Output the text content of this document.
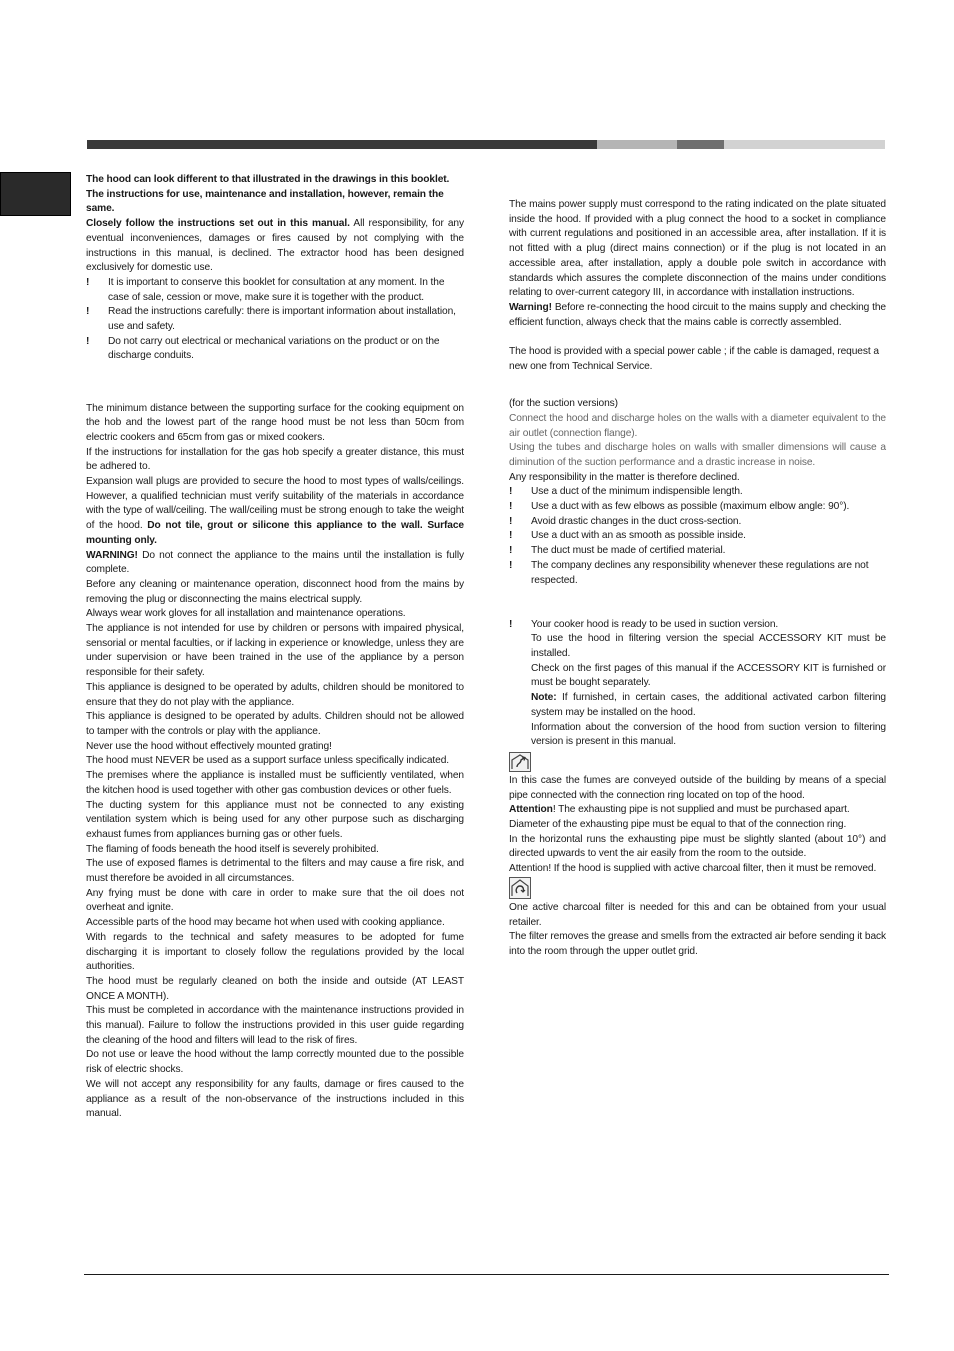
The hood can look different to that illustrated in the drawings in this booklet. The instructions for use, maintenance and installation, however, remain the same.

Closely follow the instructions set out in this manual. All responsibility, for any eventual inconveniences, damages or fires caused by not complying with the instructions in this manual, is declined. The extractor hood has been designed exclusively for domestic use.

!	It is important to conserve this booklet for consultation at any moment. In the case of sale, cession or move, make sure it is together with the product.
!	Read the instructions carefully: there is important information about installation, use and safety.
!	Do not carry out electrical or mechanical variations on the product or on the discharge conduits.

The minimum distance between the supporting surface for the cooking equipment on the hob and the lowest part of the range hood must be not less than 50cm from electric cookers and 65cm from gas or mixed cookers.

If the instructions for installation for the gas hob specify a greater distance, this must be adhered to.

Expansion wall plugs are provided to secure the hood to most types of walls/ceilings. However, a qualified technician must verify suitability of the materials in accordance with the type of wall/ceiling. The wall/ceiling must be strong enough to take the weight of the hood. Do not tile, grout or silicone this appliance to the wall. Surface mounting only.

WARNING! Do not connect the appliance to the mains until the installation is fully complete.

Before any cleaning or maintenance operation, disconnect hood from the mains by removing the plug or disconnecting the mains electrical supply.

Always wear work gloves for all installation and maintenance operations.

The appliance is not intended for use by children or persons with impaired physical, sensorial or mental faculties, or if lacking in experience or knowledge, unless they are under supervision or have been trained in the use of the appliance by a person responsible for their safety.

This appliance is designed to be operated by adults, children should be monitored to ensure that they do not play with the appliance.

This appliance is designed to be operated by adults. Children should not be allowed to tamper with the controls or play with the appliance.

Never use the hood without effectively mounted grating!

The hood must NEVER be used as a support surface unless specifically indicated.

The premises where the appliance is installed must be sufficiently ventilated, when the kitchen hood is used together with other gas combustion devices or other fuels.

The ducting system for this appliance must not be connected to any existing ventilation system which is being used for any other purpose such as discharging exhaust fumes from appliances burning gas or other fuels.

The flaming of foods beneath the hood itself is severely prohibited.

The use of exposed flames is detrimental to the filters and may cause a fire risk, and must therefore be avoided in all circumstances.

Any frying must be done with care in order to make sure that the oil does not overheat and ignite.

Accessible parts of the hood may became hot when used with cooking appliance.

With regards to the technical and safety measures to be adopted for fume discharging it is important to closely follow the regulations provided by the local authorities.

The hood must be regularly cleaned on both the inside and outside (AT LEAST ONCE A MONTH).

This must be completed in accordance with the maintenance instructions provided in this manual). Failure to follow the instructions provided in this user guide regarding the cleaning of the hood and filters will lead to the risk of fires.

Do not use or leave the hood without the lamp correctly mounted due to the possible risk of electric shocks.

We will not accept any responsibility for any faults, damage or fires caused to the appliance as a result of the non-observance of the instructions included in this manual.

The mains power supply must correspond to the rating indicated on the plate situated inside the hood. If provided with a plug connect the hood to a socket in compliance with current regulations and positioned in an accessible area, after installation. If it is not fitted with a plug (direct mains connection) or if the plug is not located in an accessible area, after installation, apply a double pole switch in accordance with standards which assures the complete disconnection of the mains under conditions relating to over-current category III, in accordance with installation instructions.

Warning! Before re-connecting the hood circuit to the mains supply and checking the efficient function, always check that the mains cable is correctly assembled.

The hood is provided with a special power cable ; if the cable is damaged, request a new one from Technical Service.

(for the suction versions)

Connect the hood and discharge holes on the walls with a diameter equivalent to the air outlet (connection flange).

Using the tubes and discharge holes on walls with smaller dimensions will cause a diminution of the suction performance and a drastic increase in noise.

Any responsibility in the matter is therefore declined.

!	Use a duct of the minimum indispensible length.
!	Use a duct with as few elbows as possible (maximum elbow angle: 90°).
!	Avoid drastic changes in the duct cross-section.
!	Use a duct with an as smooth as possible inside.
!	The duct must be made of certified material.
!	The company declines any responsibility whenever these regulations are not respected.
!	Your cooker hood is ready to be used in suction version.

To use the hood in filtering version the special ACCESSORY KIT must be installed.

Check on the first pages of this manual if the ACCESSORY KIT is furnished or must be bought separately.

Note: If furnished, in certain cases, the additional activated carbon filtering system may be installed on the hood.

Information about the conversion of the hood from suction version to filtering version is present in this manual.

In this case the fumes are conveyed outside of the building by means of a special pipe connected with the connection ring located on top of the hood.

Attention! The exhausting pipe is not supplied and must be purchased apart.

Diameter of the exhausting pipe must be equal to that of the connection ring.

In the horizontal runs the exhausting pipe must be slightly slanted (about 10°) and directed upwards to vent the air easily from the room to the outside.

Attention! If the hood is supplied with active charcoal filter, then it must be removed.

One active charcoal filter is needed for this and can be obtained from your usual retailer.

The filter removes the grease and smells from the extracted air before sending it back into the room through the upper outlet grid.
